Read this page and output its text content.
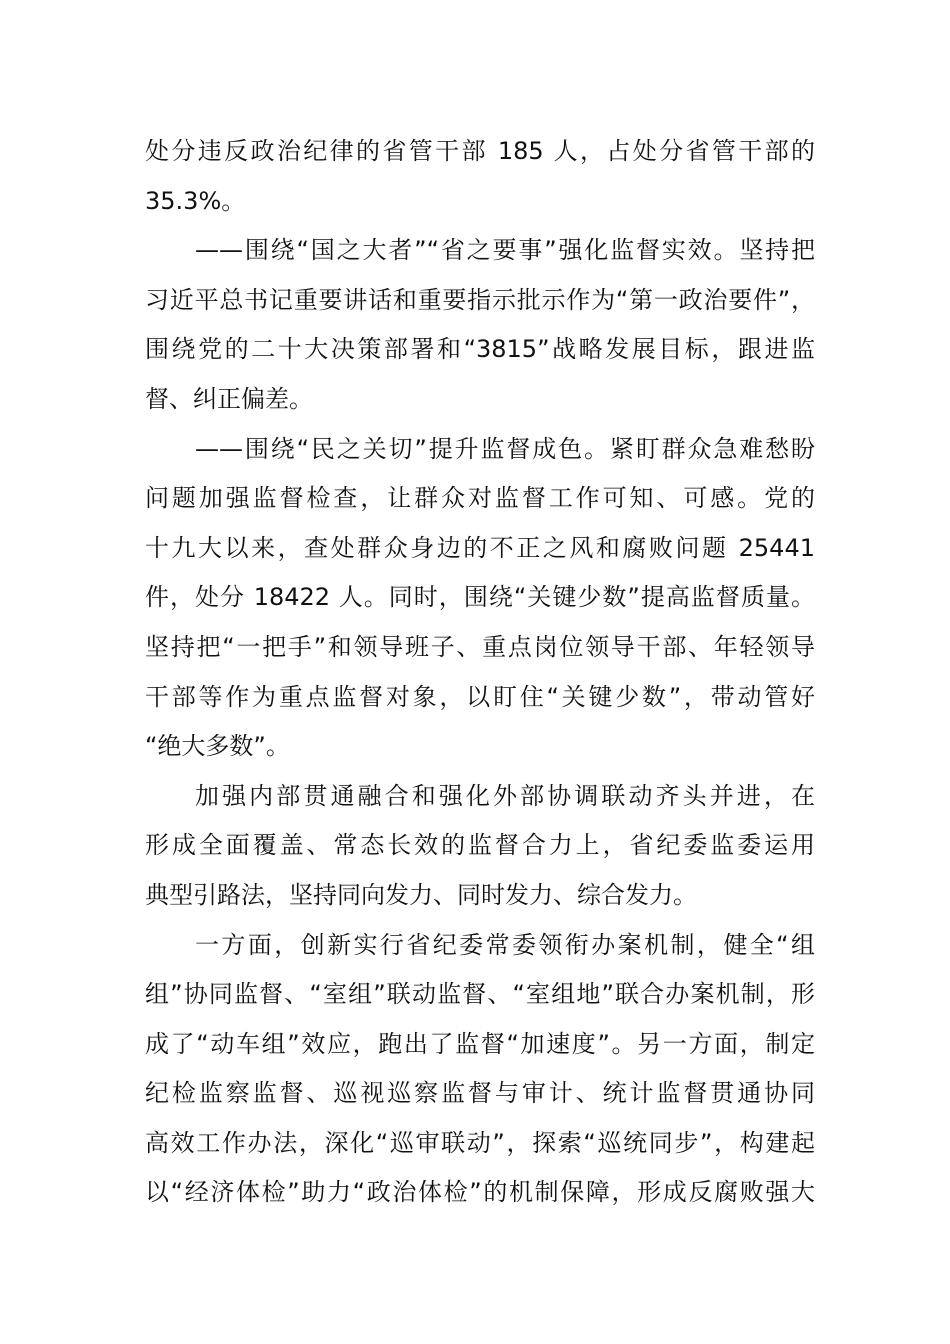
处分违反政治纪律的省管干部 185 人，占处分省管干部的
35.3%。
——围绕“国之大者”“省之要事”强化监督实效。坚持把
习近平总书记重要讲话和重要指示批示作为“第一政治要件”，
围绕党的二十大决策部署和“3815”战略发展目标，跟进监
督、纠正偏差。
——围绕“民之关切”提升监督成色。紧盯群众急难愁盼
问题加强监督检查，让群众对监督工作可知、可感。党的
十九大以来，查处群众身边的不正之风和腐败问题 25441
件，处分 18422 人。同时，围绕“关键少数”提高监督质量。
坚持把“一把手”和领导班子、重点岗位领导干部、年轻领导
干部等作为重点监督对象，以盯住“关键少数”，带动管好
“绝大多数”。
加强内部贯通融合和强化外部协调联动齐头并进，在
形成全面覆盖、常态长效的监督合力上，省纪委监委运用
典型引路法，坚持同向发力、同时发力、综合发力。
一方面，创新实行省纪委常委领衔办案机制，健全“组
组”协同监督、“室组”联动监督、“室组地”联合办案机制，形
成了“动车组”效应，跑出了监督“加速度”。另一方面，制定
纪检监察监督、巡视巡察监督与审计、统计监督贯通协同
高效工作办法，深化“巡审联动”，探索“巡统同步”，构建起
以“经济体检”助力“政治体检”的机制保障，形成反腐败强大
